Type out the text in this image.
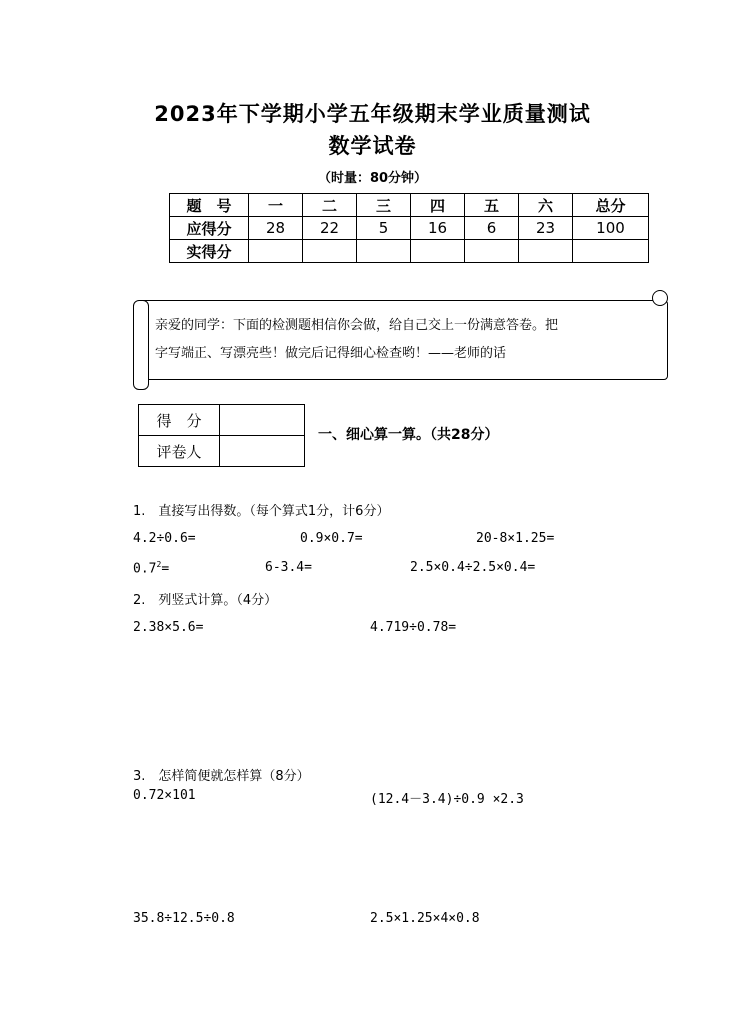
2023年下学期小学五年级期末学业质量测试
数学试卷
（时量：80分钟）
题　号	一	二	三	四	五	六	总分
应得分	28	22	5	16	6	23	100
实得分							
亲爱的同学：下面的检测题相信你会做，给自己交上一份满意答卷。把
字写端正、写漂亮些！做完后记得细心检查哟！——老师的话
得　分	
评卷人	
一、细心算一算。（共28分）
1.　直接写出得数。（每个算式1分，计6分）
4.2÷0.6=	0.9×0.7=	20-8×1.25=
$0.7^2=$	6-3.4=	2.5×0.4÷2.5×0.4=
2.　列竖式计算。（4分）
2.38×5.6=	4.719÷0.78=
3.　怎样简便就怎样算（8分）
0.72×101	(12.4－3.4)÷0.9 ×2.3
35.8÷12.5÷0.8	2.5×1.25×4×0.8
